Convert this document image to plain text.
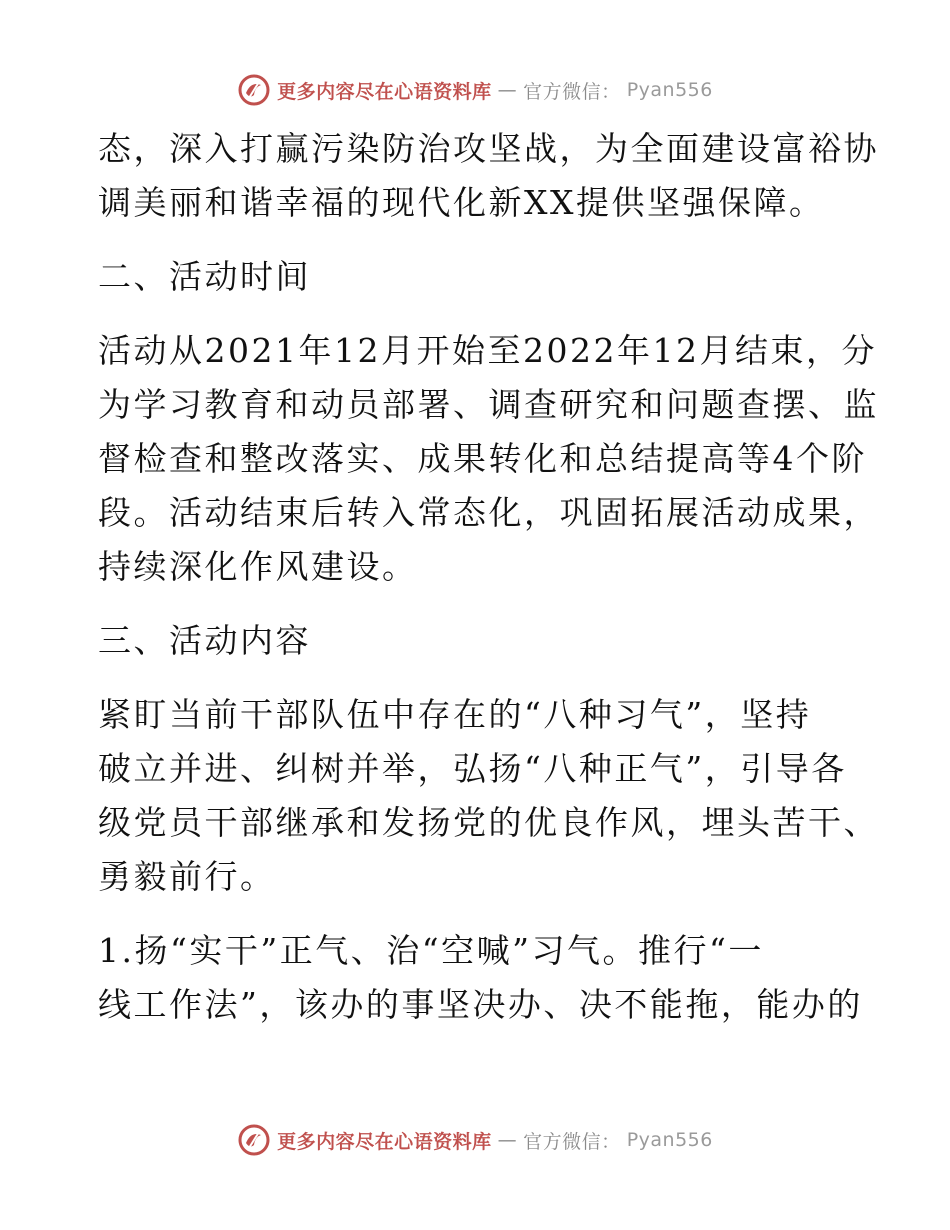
更多内容尽在心语资料库 — 官方微信： Pyan556
态，深入打赢污染防治攻坚战，为全面建设富裕协
调美丽和谐幸福的现代化新XX提供坚强保障。
二、活动时间
活动从2021年12月开始至2022年12月结束，分
为学习教育和动员部署、调查研究和问题查摆、监
督检查和整改落实、成果转化和总结提高等4个阶
段。活动结束后转入常态化，巩固拓展活动成果，
持续深化作风建设。
三、活动内容
紧盯当前干部队伍中存在的“八种习气”，坚持
破立并进、纠树并举，弘扬“八种正气”，引导各
级党员干部继承和发扬党的优良作风，埋头苦干、
勇毅前行。
1.扬“实干”正气、治“空喊”习气。推行“一
线工作法”，该办的事坚决办、决不能拖，能办的
更多内容尽在心语资料库 — 官方微信： Pyan556
